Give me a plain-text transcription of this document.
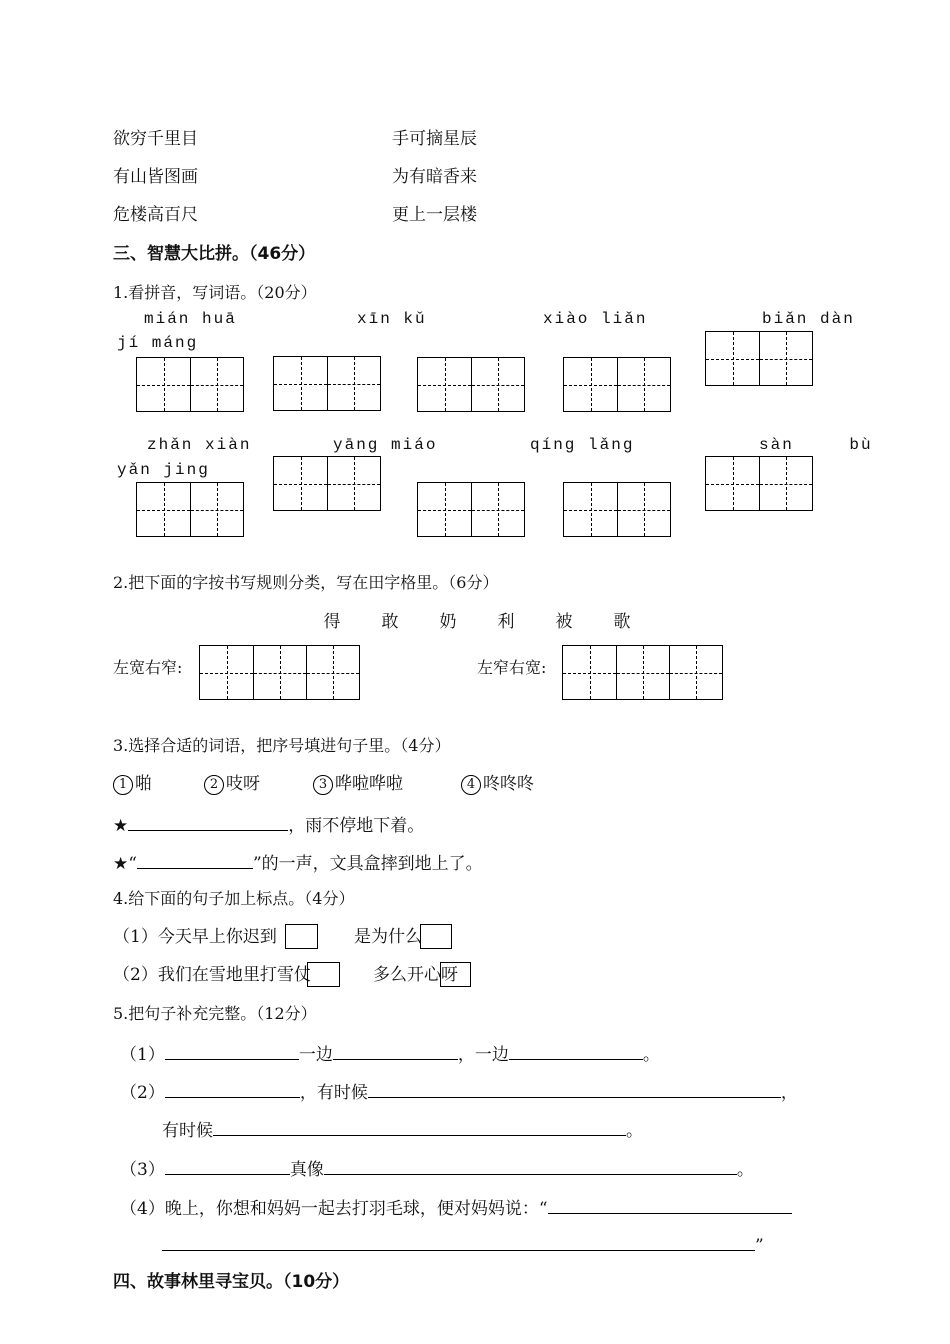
欲穷千里目	手可摘星辰
有山皆图画	为有暗香来
危楼高百尺	更上一层楼
三、智慧大比拼。（46分）
1.看拼音，写词语。（20分）
mián huā	xīn kǔ	xiào liǎn	biǎn dàn
jí máng
zhǎn xiàn	yāng miáo	qíng lǎng	sàn bù
yǎn jing
2.把下面的字按书写规则分类，写在田字格里。（6分）
得 敢 奶 利 被 歌
左宽右窄:	左窄右宽:
3.选择合适的词语，把序号填进句子里。（4分）
1 啪	2 吱呀	3 哗啦哗啦	4 咚咚咚
★	，雨不停地下着。
★“	”的一声，文具盒摔到地上了。
4.给下面的句子加上标点。（4分）
（1）今天早上你迟到	是为什么
（2）我们在雪地里打雪仗	多么开心呀
5.把句子补充完整。（12分）
（1）	一边	，一边	。
（2）	，有时候	，
有时候	。
（3）	真像	。
（4）晚上，你想和妈妈一起去打羽毛球，便对妈妈说：“
”
四、故事林里寻宝贝。（10分）
